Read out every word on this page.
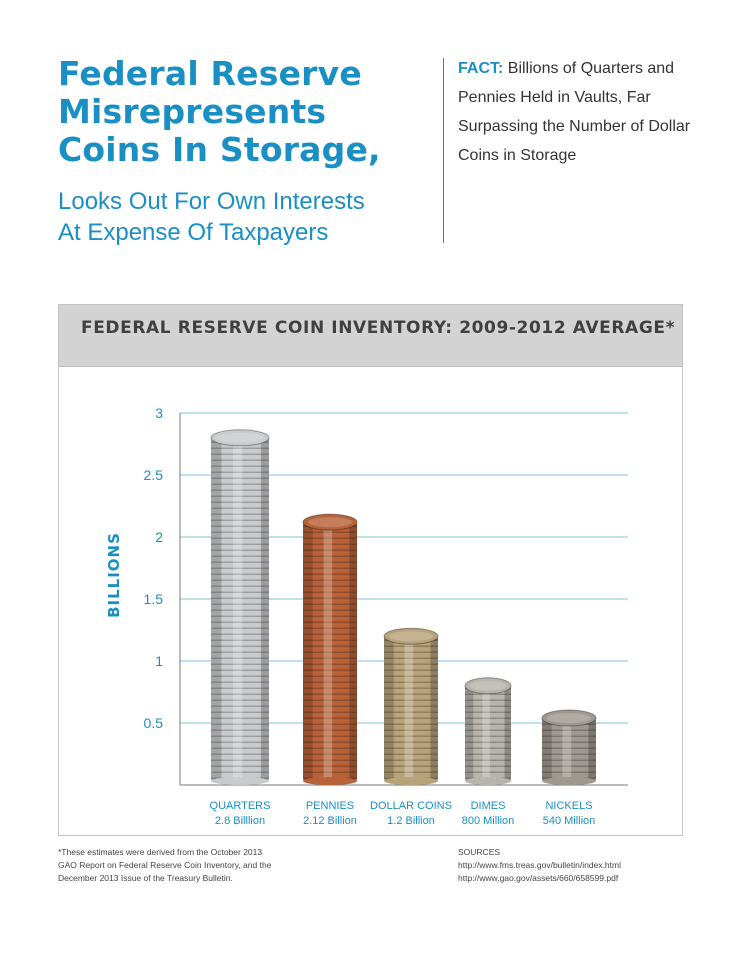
Federal Reserve
Misrepresents
Coins In Storage,
Looks Out For Own Interests
At Expense Of Taxpayers
FACT: Billions of Quarters and Pennies Held in Vaults, Far Surpassing the Number of Dollar Coins in Storage
FEDERAL RESERVE COIN INVENTORY: 2009-2012 AVERAGE*
0.5
1
1.5
2
2.5
3
BILLIONS
QUARTERS
2.8 Billlion
PENNIES
2.12 Billion
DOLLAR COINS
1.2 Billion
DIMES
800 Million
NICKELS
540 Million
*These estimates were derived from the October 2013
GAO Report on Federal Reserve Coin Inventory, and the
December 2013 Issue of the Treasury Bulletin.
SOURCES
http://www.fms.treas.gov/bulletin/index.html
http://www.gao.gov/assets/660/658599.pdf
